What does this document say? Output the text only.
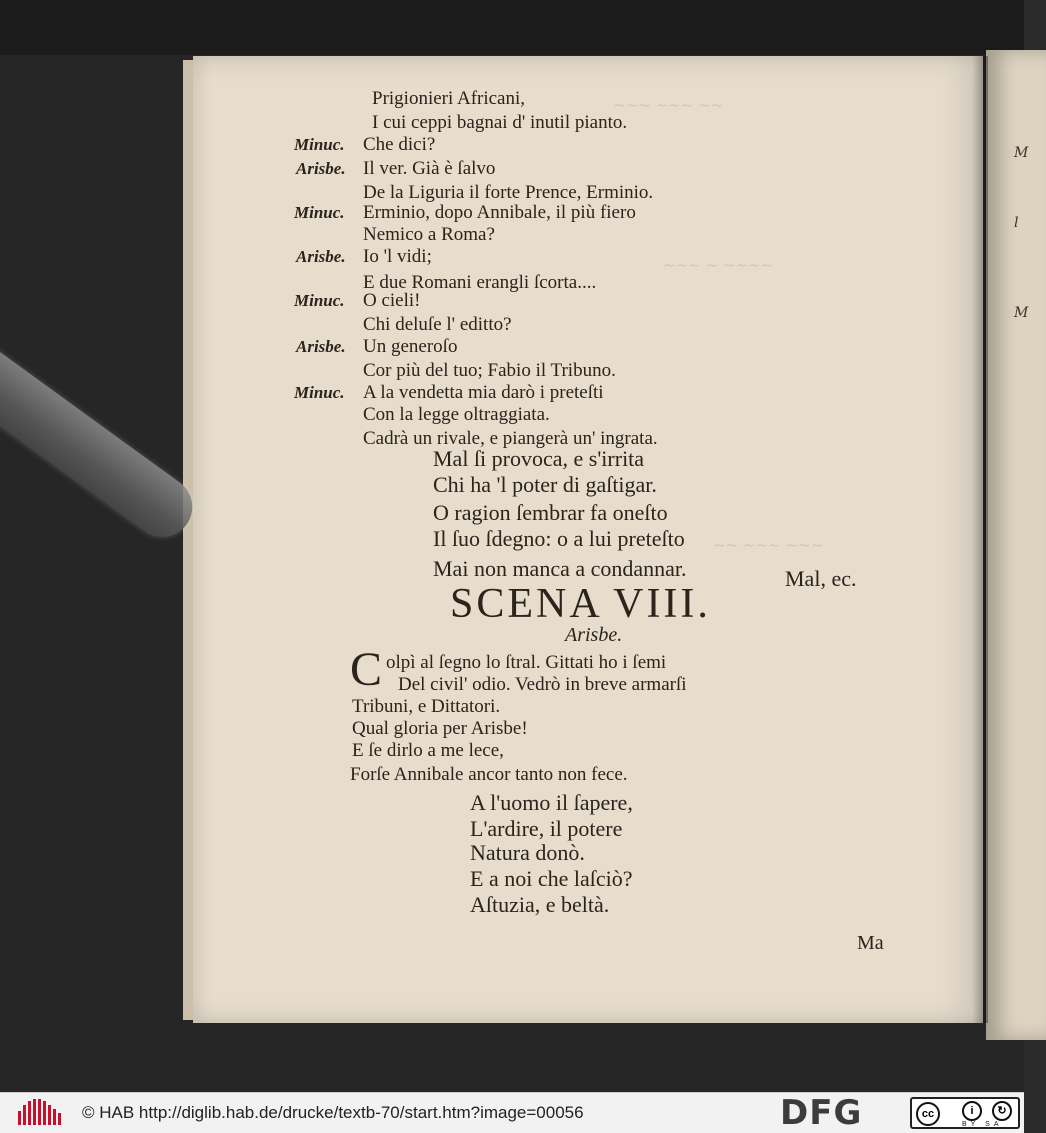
~~~ ~~~ ~~
~~~ ~ ~~~~
~~ ~~~ ~~~
M
l
M
Prigionieri Africani,
I cui ceppi bagnai d' inutil pianto.
Minuc. Che dici?
Arisbe. Il ver. Già è ſalvo
De la Liguria il forte Prence, Erminio.
Minuc. Erminio, dopo Annibale, il più fiero
Nemico a Roma?
Arisbe. Io 'l vidi;
E due Romani erangli ſcorta....
Minuc. O cieli!
Chi deluſe l' editto?
Arisbe. Un generoſo
Cor più del tuo; Fabio il Tribuno.
Minuc. A la vendetta mia darò i preteſti
Con la legge oltraggiata.
Cadrà un rivale, e piangerà un' ingrata.
Mal ſi provoca, e s'irrita
Chi ha 'l poter di gaſtigar.
O ragion ſembrar fa oneſto
Il ſuo ſdegno: o a lui preteſto
Mai non manca a condannar.	Mal, ec.
SCENA VIII.
Arisbe.
C olpì al ſegno lo ſtral. Gittati ho i ſemi
Del civil' odio. Vedrò in breve armarſi
Tribuni, e Dittatori.
Qual gloria per Arisbe!
E ſe dirlo a me lece,
Forſe Annibale ancor tanto non fece.
A l'uomo il ſapere,
L'ardire, il potere
Natura donò.
E a noi che laſciò?
Aſtuzia, e beltà.
Ma
© HAB http://diglib.hab.de/drucke/textb-70/start.htm?image=00056	DFG	cc	i	↻
BY SA
